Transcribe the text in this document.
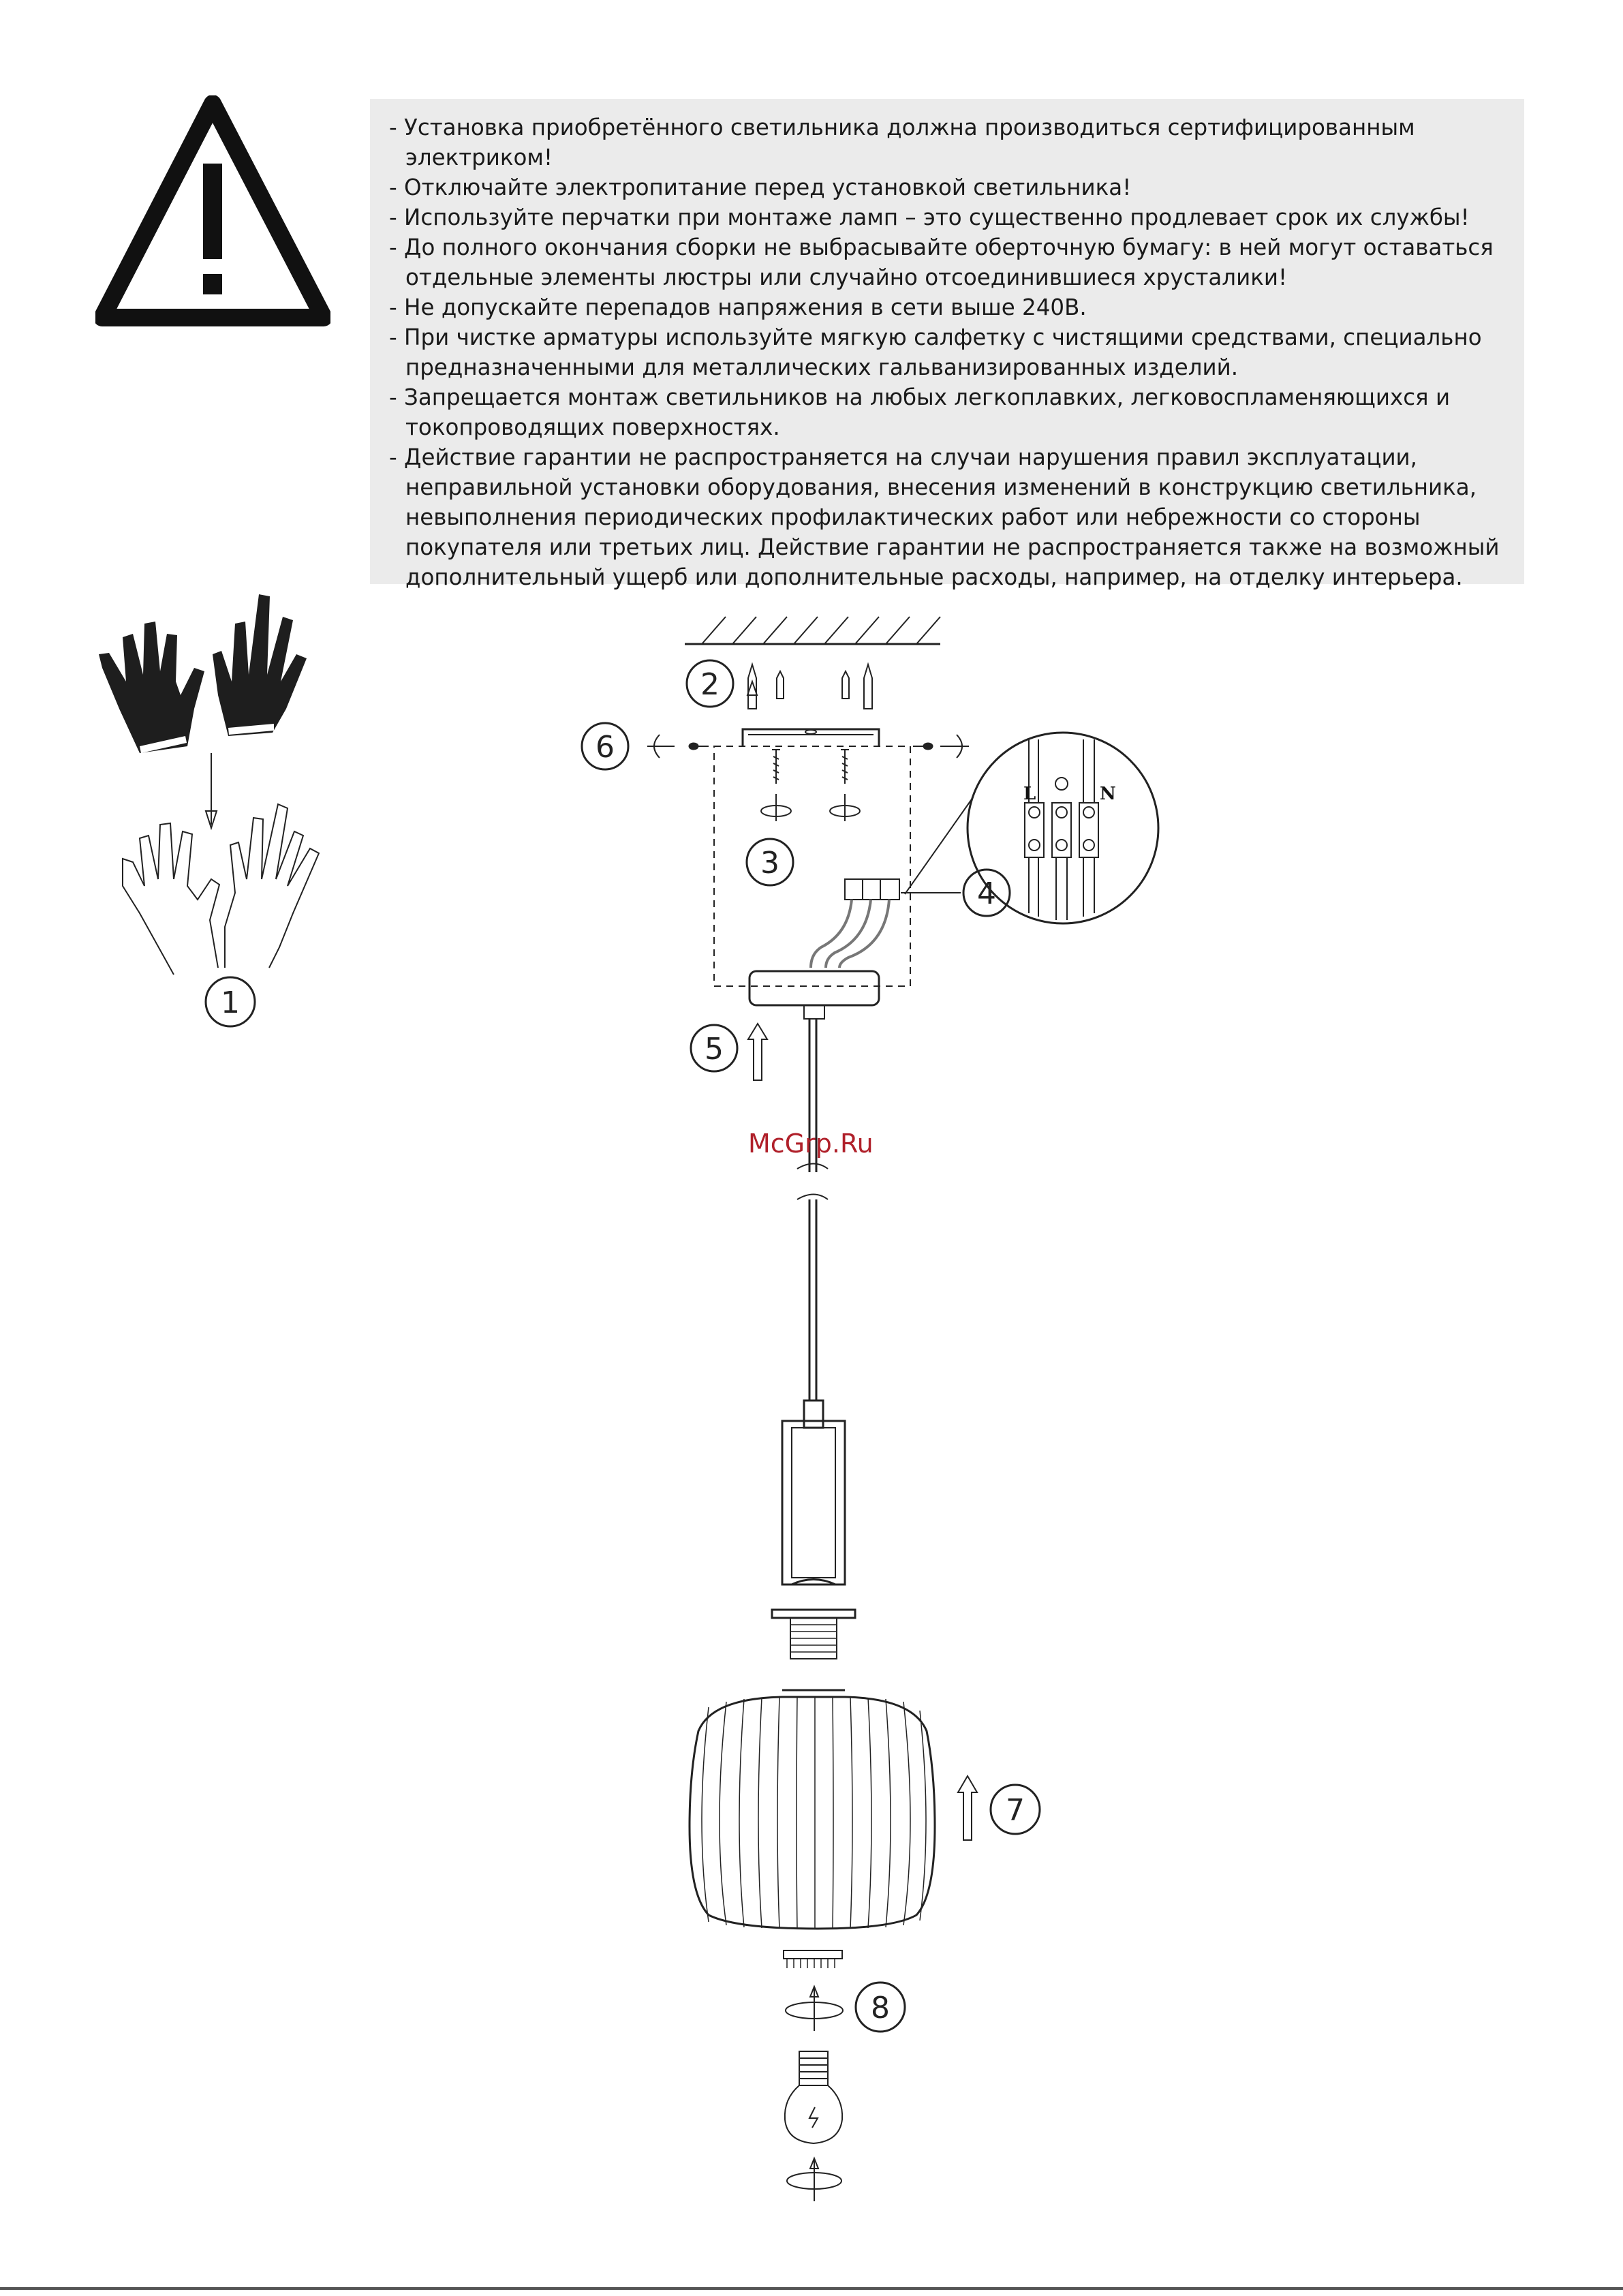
- Установка приобретённого светильника должна производиться сертифицированным электриком!
- Отключайте электропитание перед установкой светильника!
- Используйте перчатки при монтаже ламп – это существенно продлевает срок их службы!
- До полного окончания сборки не выбрасывайте оберточную бумагу: в ней могут оставаться отдельные элементы люстры или случайно отсоединившиеся хрусталики!
- Не допускайте перепадов напряжения в сети выше 240В.
- При чистке арматуры используйте мягкую салфетку с чистящими средствами, специально предназначенными для металлических гальванизированных изделий.
- Запрещается монтаж светильников на любых легкоплавких, легковоспламеняющихся и токопроводящих поверхностях.
- Действие гарантии не распространяется на случаи нарушения правил эксплуатации, неправильной установки оборудования, внесения изменений в конструкцию светильника, невыполнения периодических профилактических работ или небрежности со стороны покупателя или третьих лиц. Действие гарантии не распространяется также на возможный дополнительный ущерб или дополнительные расходы, например, на отделку интерьера.
2
6
3
L	N
4
5
7
8
1
McGrp.Ru
